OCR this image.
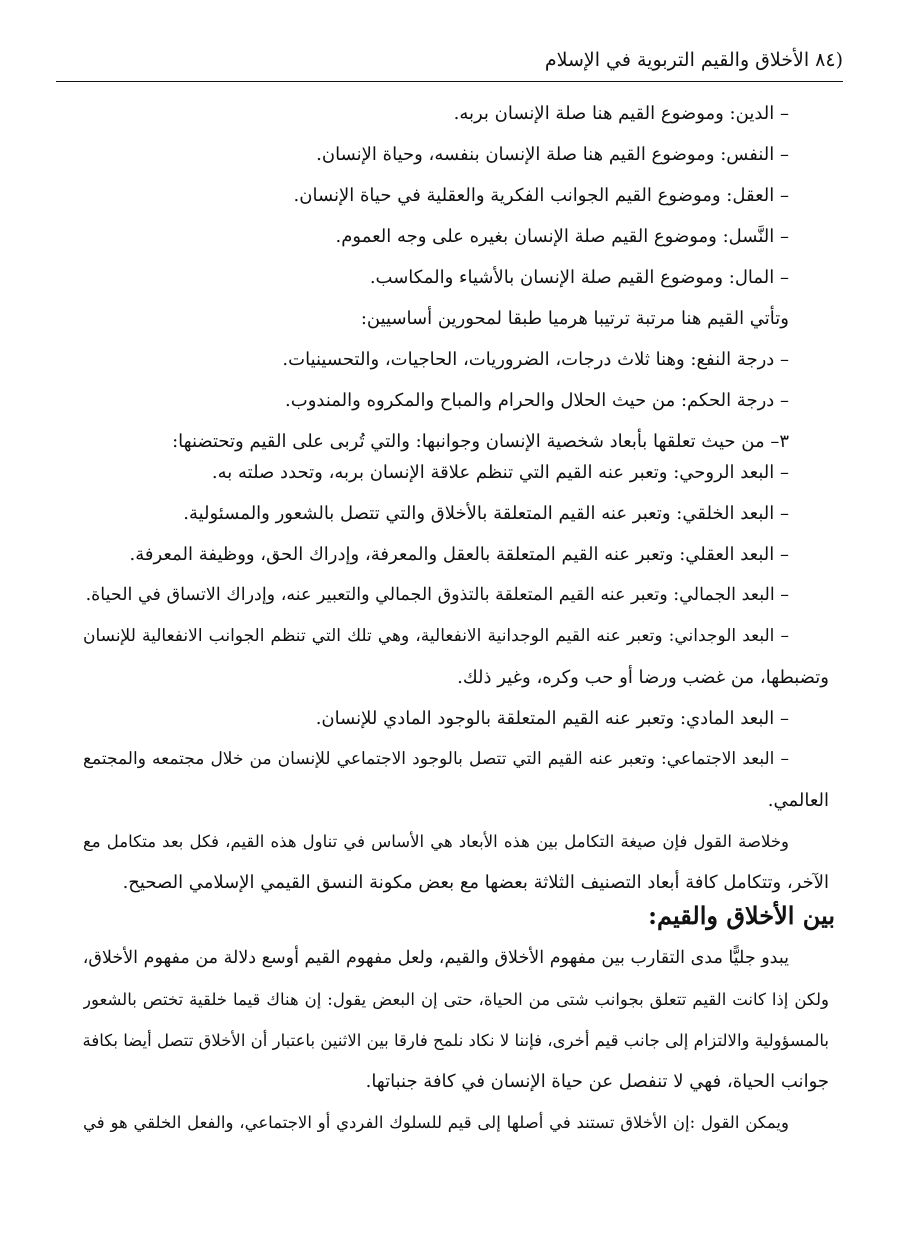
(٨٤ الأخلاق والقيم التربوية في الإسلام
– الدين: وموضوع القيم هنا صلة الإنسان بربه.
– النفس: وموضوع القيم هنا صلة الإنسان بنفسه، وحياة الإنسان.
– العقل: وموضوع القيم الجوانب الفكرية والعقلية في حياة الإنسان.
– النَّسل: وموضوع القيم صلة الإنسان بغيره على وجه العموم.
– المال: وموضوع القيم صلة الإنسان بالأشياء والمكاسب.
وتأتي القيم هنا مرتبة ترتيبا هرميا طبقا لمحورين أساسيين:
– درجة النفع: وهنا ثلاث درجات، الضروريات، الحاجيات، والتحسينيات.
– درجة الحكم: من حيث الحلال والحرام والمباح والمكروه والمندوب.
٣– من حيث تعلقها بأبعاد شخصية الإنسان وجوانبها: والتي تُربى على القيم وتحتضنها:
– البعد الروحي: وتعبر عنه القيم التي تنظم علاقة الإنسان بربه، وتحدد صلته به.
– البعد الخلقي: وتعبر عنه القيم المتعلقة بالأخلاق والتي تتصل بالشعور والمسئولية.
– البعد العقلي: وتعبر عنه القيم المتعلقة بالعقل والمعرفة، وإدراك الحق، ووظيفة المعرفة.
– البعد الجمالي: وتعبر عنه القيم المتعلقة بالتذوق الجمالي والتعبير عنه، وإدراك الاتساق في الحياة.
– البعد الوجداني: وتعبر عنه القيم الوجدانية الانفعالية، وهي تلك التي تنظم الجوانب الانفعالية للإنسان
وتضبطها، من غضب ورضا أو حب وكره، وغير ذلك.
– البعد المادي: وتعبر عنه القيم المتعلقة بالوجود المادي للإنسان.
– البعد الاجتماعي: وتعبر عنه القيم التي تتصل بالوجود الاجتماعي للإنسان من خلال مجتمعه والمجتمع
العالمي.
وخلاصة القول فإن صيغة التكامل بين هذه الأبعاد هي الأساس في تناول هذه القيم، فكل بعد متكامل مع
الآخر، وتتكامل كافة أبعاد التصنيف الثلاثة بعضها مع بعض مكونة النسق القيمي الإسلامي الصحيح.
بين الأخلاق والقيم:
يبدو جليًّا مدى التقارب بين مفهوم الأخلاق والقيم، ولعل مفهوم القيم أوسع دلالة من مفهوم الأخلاق،
ولكن إذا كانت القيم تتعلق بجوانب شتى من الحياة، حتى إن البعض يقول: إن هناك قيما خلقية تختص بالشعور
بالمسؤولية والالتزام إلى جانب قيم أخرى، فإننا لا نكاد نلمح فارقا بين الاثنين باعتبار أن الأخلاق تتصل أيضا بكافة
جوانب الحياة، فهي لا تنفصل عن حياة الإنسان في كافة جنباتها.
ويمكن القول :إن الأخلاق تستند في أصلها إلى قيم للسلوك الفردي أو الاجتماعي، والفعل الخلقي هو في
